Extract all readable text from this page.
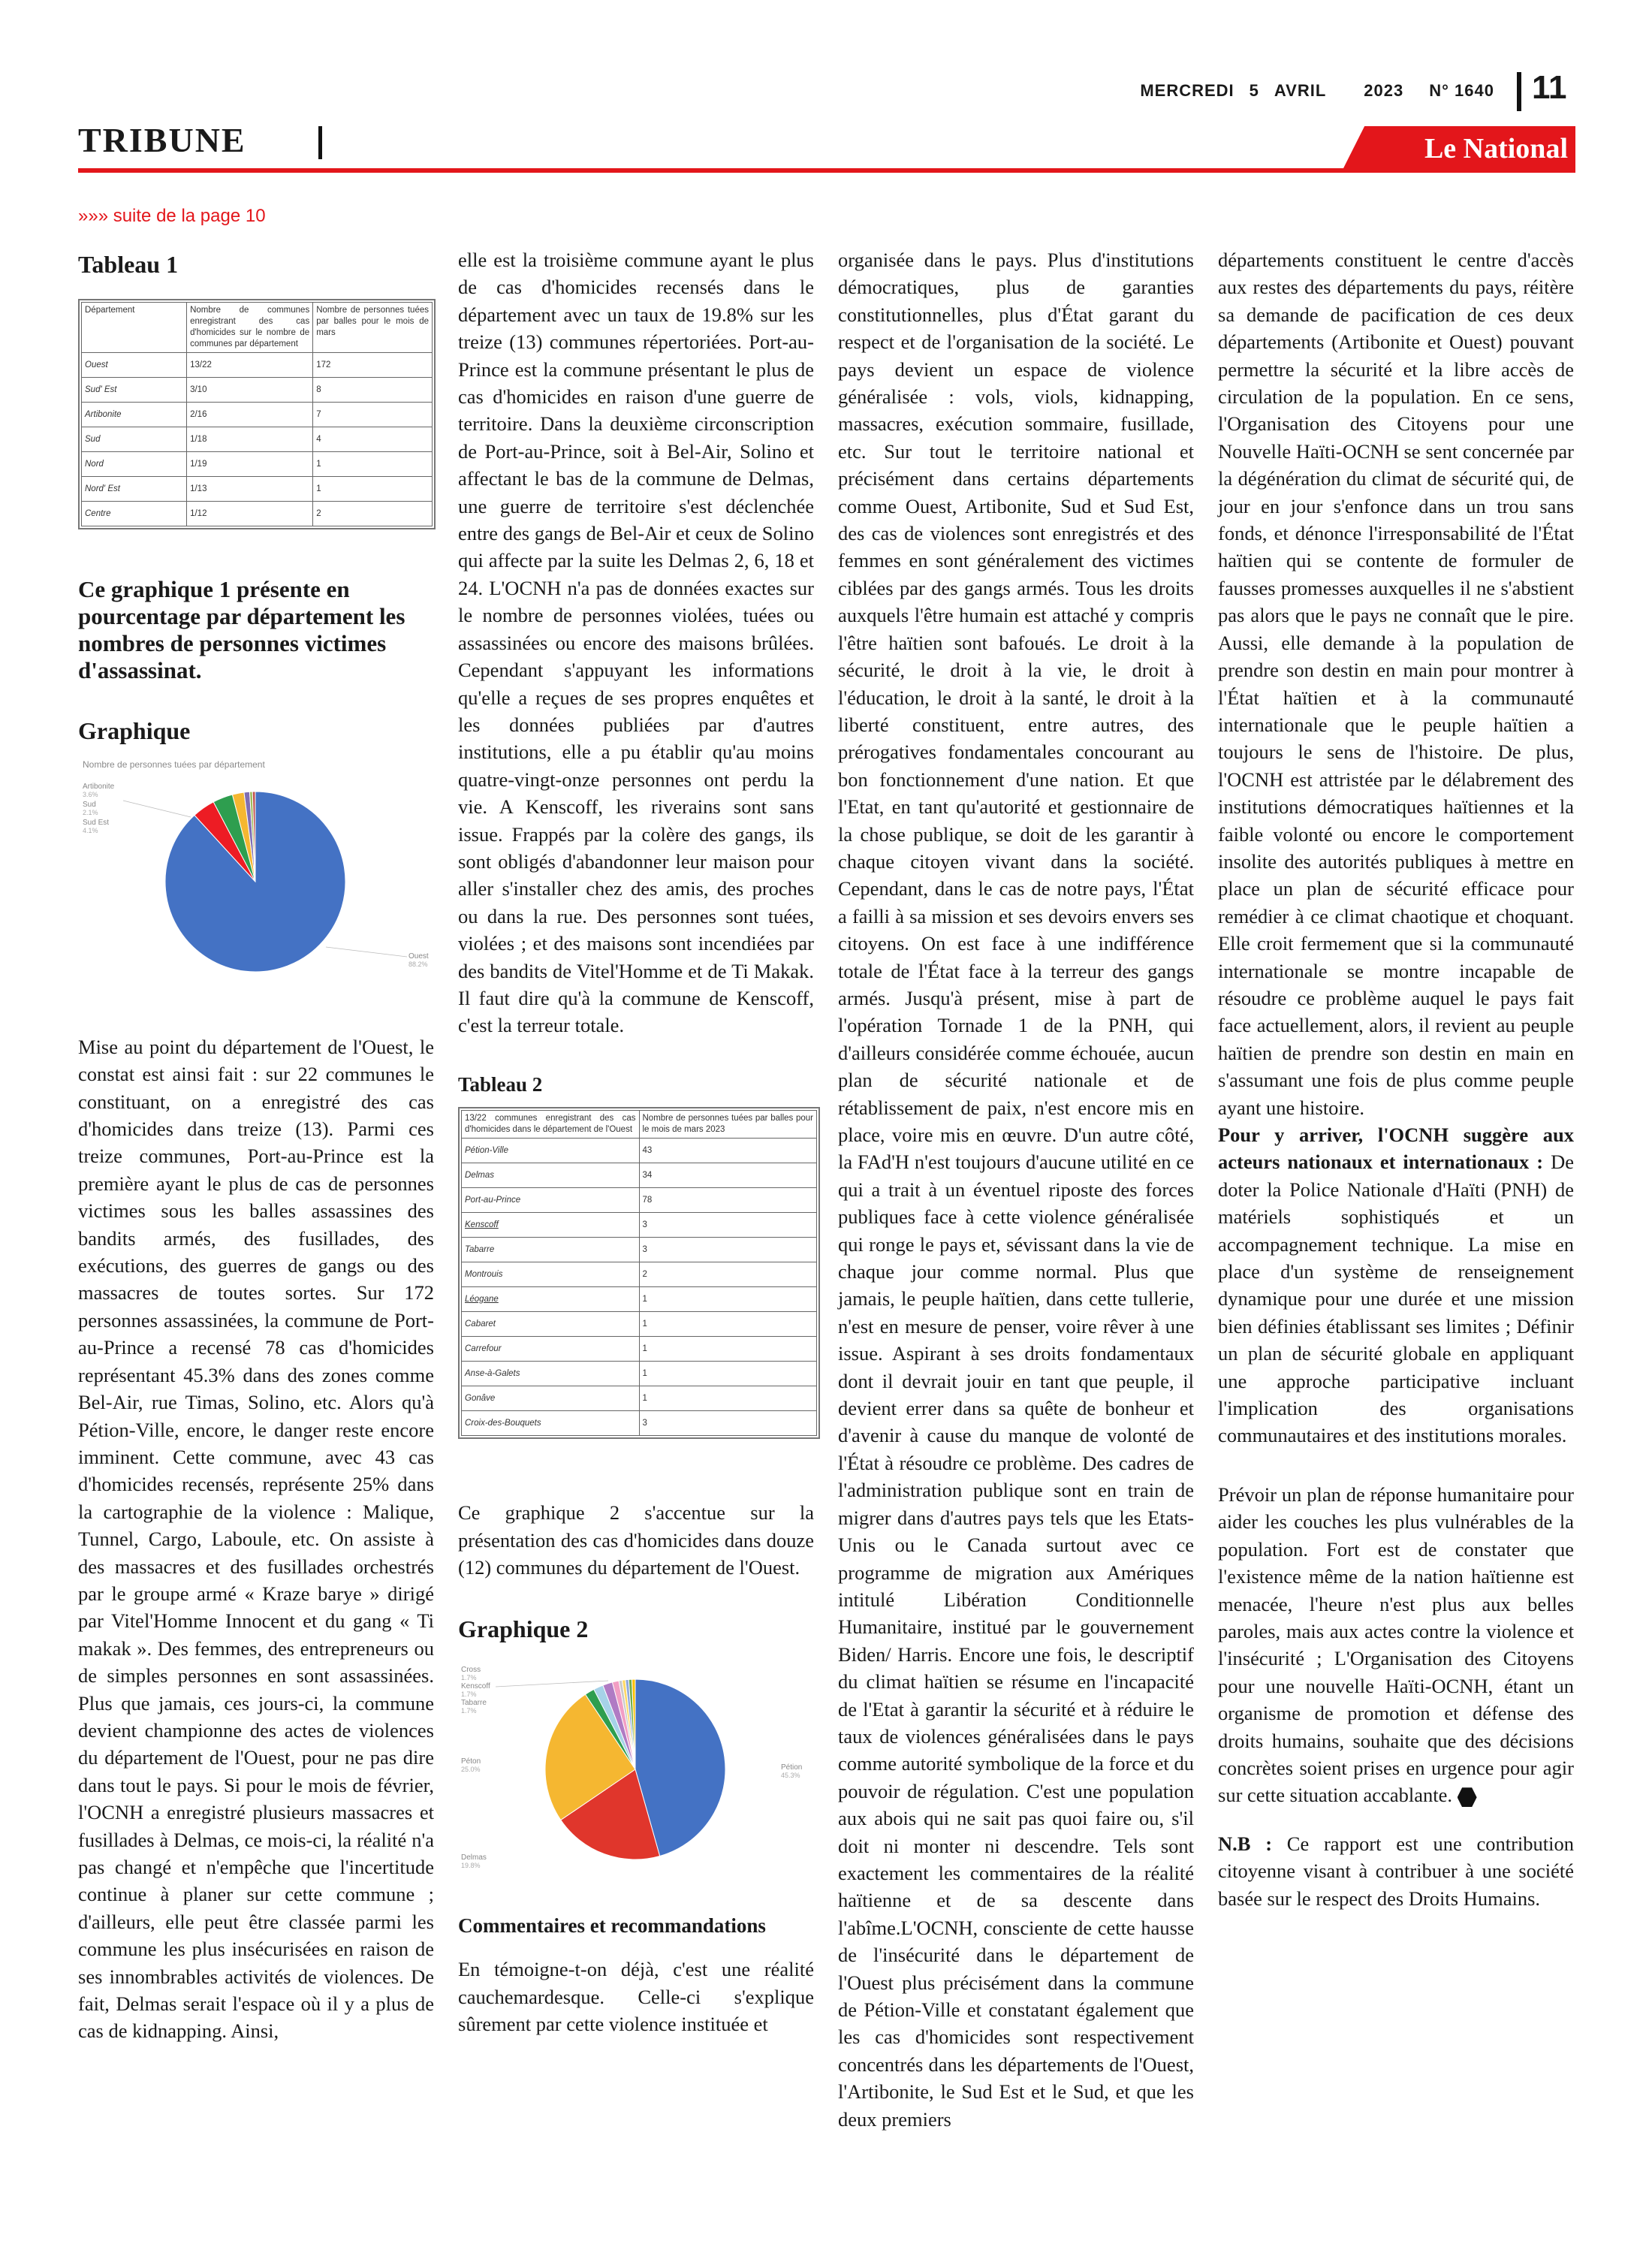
MERCREDI 5 AVRIL 2023 N° 1640 11
TRIBUNE	Le National
»»» suite de la page 10

Tableau 1

Département	Nombre de communes enregistrant des cas d'homicides sur le nombre de communes par département	Nombre de personnes tuées par balles pour le mois de mars
Ouest	13/22	172
Sud' Est	3/10	8
Artibonite	2/16	7
Sud	1/18	4
Nord	1/19	1
Nord' Est	1/13	1
Centre	1/12	2

Ce graphique 1 présente en pourcentage par département les nombres de personnes victimes d'assassinat.

Graphique

Nombre de personnes tuées par département
Artibonite
3.6%
Sud
2.1%
Sud Est
4.1%
Ouest
88.2%

Mise au point du département de l'Ouest, le constat est ainsi fait : sur 22 communes le constituant, on a enregistré des cas d'homicides dans treize (13). Parmi ces treize communes, Port-au-Prince est la première ayant le plus de cas de personnes victimes sous les balles assassines des bandits armés, des fusillades, des exécutions, des guerres de gangs ou des massacres de toutes sortes. Sur 172 personnes assassinées, la commune de Port-au-Prince a recensé 78 cas d'homicides représentant 45.3% dans des zones comme Bel-Air, rue Timas, Solino, etc. Alors qu'à Pétion-Ville, encore, le danger reste encore imminent. Cette commune, avec 43 cas d'homicides recensés, représente 25% dans la cartographie de la violence : Malique, Tunnel, Cargo, Laboule, etc. On assiste à des massacres et des fusillades orchestrés par le groupe armé « Kraze barye » dirigé par Vitel'Homme Innocent et du gang « Ti makak ». Des femmes, des entrepreneurs ou de simples personnes en sont assassinées. Plus que jamais, ces jours-ci, la commune devient championne des actes de violences du département de l'Ouest, pour ne pas dire dans tout le pays. Si pour le mois de février, l'OCNH a enregistré plusieurs massacres et fusillades à Delmas, ce mois-ci, la réalité n'a pas changé et n'empêche que l'incertitude continue à planer sur cette commune ; d'ailleurs, elle peut être classée parmi les commune les plus insécurisées en raison de ses innombrables activités de violences. De fait, Delmas serait l'espace où il y a plus de cas de kidnapping. Ainsi,

elle est la troisième commune ayant le plus de cas d'homicides recensés dans le département avec un taux de 19.8% sur les treize (13) communes répertoriées. Port-au-Prince est la commune présentant le plus de cas d'homicides en raison d'une guerre de territoire. Dans la deuxième circonscription de Port-au-Prince, soit à Bel-Air, Solino et affectant le bas de la commune de Delmas, une guerre de territoire s'est déclenchée entre des gangs de Bel-Air et ceux de Solino qui affecte par la suite les Delmas 2, 6, 18 et 24. L'OCNH n'a pas de données exactes sur le nombre de personnes violées, tuées ou assassinées ou encore des maisons brûlées. Cependant s'appuyant les informations qu'elle a reçues de ses propres enquêtes et les données publiées par d'autres institutions, elle a pu établir qu'au moins quatre-vingt-onze personnes ont perdu la vie. A Kenscoff, les riverains sont sans issue. Frappés par la colère des gangs, ils sont obligés d'abandonner leur maison pour aller s'installer chez des amis, des proches ou dans la rue. Des personnes sont tuées, violées ; et des maisons sont incendiées par des bandits de Vitel'Homme et de Ti Makak. Il faut dire qu'à la commune de Kenscoff, c'est la terreur totale.

Tableau 2

13/22 communes enregistrant des cas d'homicides dans le département de l'Ouest	Nombre de personnes tuées par balles pour le mois de mars 2023
Pétion-Ville	43
Delmas	34
Port-au-Prince	78
Kenscoff	3
Tabarre	3
Montrouis	2
Léogane	1
Cabaret	1
Carrefour	1
Anse-à-Galets	1
Gonâve	1
Croix-des-Bouquets	3

Ce graphique 2 s'accentue sur la présentation des cas d'homicides dans douze (12) communes du département de l'Ouest.

Graphique 2

Cross
1.7%
Kenscoff
1.7%
Tabarre
1.7%
Péton
25.0%
Delmas
19.8%
Pétion
45.3%

Commentaires et recommandations

En témoigne-t-on déjà, c'est une réalité cauchemardesque. Celle-ci s'explique sûrement par cette violence instituée et

organisée dans le pays. Plus d'institutions démocratiques, plus de garanties constitutionnelles, plus d'État garant du respect et de l'organisation de la société. Le pays devient un espace de violence généralisée : vols, viols, kidnapping, massacres, exécution sommaire, fusillade, etc. Sur tout le territoire national et précisément dans certains départements comme Ouest, Artibonite, Sud et Sud Est, des cas de violences sont enregistrés et des femmes en sont généralement des victimes ciblées par des gangs armés. Tous les droits auxquels l'être humain est attaché y compris l'être haïtien sont bafoués. Le droit à la sécurité, le droit à la vie, le droit à l'éducation, le droit à la santé, le droit à la liberté constituent, entre autres, des prérogatives fondamentales concourant au bon fonctionnement d'une nation. Et que l'Etat, en tant qu'autorité et gestionnaire de la chose publique, se doit de les garantir à chaque citoyen vivant dans la société. Cependant, dans le cas de notre pays, l'État a failli à sa mission et ses devoirs envers ses citoyens. On est face à une indifférence totale de l'État face à la terreur des gangs armés. Jusqu'à présent, mise à part de l'opération Tornade 1 de la PNH, qui d'ailleurs considérée comme échouée, aucun plan de sécurité nationale et de rétablissement de paix, n'est encore mis en place, voire mis en œuvre. D'un autre côté, la FAd'H n'est toujours d'aucune utilité en ce qui a trait à un éventuel riposte des forces publiques face à cette violence généralisée qui ronge le pays et, sévissant dans la vie de chaque jour comme normal. Plus que jamais, le peuple haïtien, dans cette tullerie, n'est en mesure de penser, voire rêver à une issue. Aspirant à ses droits fondamentaux dont il devrait jouir en tant que peuple, il devient errer dans sa quête de bonheur et d'avenir à cause du manque de volonté de l'État à résoudre ce problème. Des cadres de l'administration publique sont en train de migrer dans d'autres pays tels que les Etats-Unis ou le Canada surtout avec ce programme de migration aux Amériques intitulé Libération Conditionnelle Humanitaire, institué par le gouvernement Biden/ Harris. Encore une fois, le descriptif du climat haïtien se résume en l'incapacité de l'Etat à garantir la sécurité et à réduire le taux de violences généralisées dans le pays comme autorité symbolique de la force et du pouvoir de régulation. C'est une population aux abois qui ne sait pas quoi faire ou, s'il doit ni monter ni descendre. Tels sont exactement les commentaires de la réalité haïtienne et de sa descente dans l'abîme.L'OCNH, consciente de cette hausse de l'insécurité dans le département de l'Ouest plus précisément dans la commune de Pétion-Ville et constatant également que les cas d'homicides sont respectivement concentrés dans les départements de l'Ouest, l'Artibonite, le Sud Est et le Sud, et que les deux premiers

départements constituent le centre d'accès aux restes des départements du pays, réitère sa demande de pacification de ces deux départements (Artibonite et Ouest) pouvant permettre la sécurité et la libre accès de circulation de la population. En ce sens, l'Organisation des Citoyens pour une Nouvelle Haïti-OCNH se sent concernée par la dégénération du climat de sécurité qui, de jour en jour s'enfonce dans un trou sans fonds, et dénonce l'irresponsabilité de l'État haïtien qui se contente de formuler de fausses promesses auxquelles il ne s'abstient pas alors que le pays ne connaît que le pire. Aussi, elle demande à la population de prendre son destin en main pour montrer à l'État haïtien et à la communauté internationale que le peuple haïtien a toujours le sens de l'histoire. De plus, l'OCNH est attristée par le délabrement des institutions démocratiques haïtiennes et la faible volonté ou encore le comportement insolite des autorités publiques à mettre en place un plan de sécurité efficace pour remédier à ce climat chaotique et choquant. Elle croit fermement que si la communauté internationale se montre incapable de résoudre ce problème auquel le pays fait face actuellement, alors, il revient au peuple haïtien de prendre son destin en main en s'assumant une fois de plus comme peuple ayant une histoire.

Pour y arriver, l'OCNH suggère aux acteurs nationaux et internationaux : De doter la Police Nationale d'Haïti (PNH) de matériels sophistiqués et un accompagnement technique. La mise en place d'un système de renseignement dynamique pour une durée et une mission bien définies établissant ses limites ; Définir un plan de sécurité globale en appliquant une approche participative incluant l'implication des organisations communautaires et des institutions morales.

Prévoir un plan de réponse humanitaire pour aider les couches les plus vulnérables de la population. Fort est de constater que l'existence même de la nation haïtienne est menacée, l'heure n'est plus aux belles paroles, mais aux actes contre la violence et l'insécurité ; L'Organisation des Citoyens pour une nouvelle Haïti-OCNH, étant un organisme de promotion et défense des droits humains, souhaite que des décisions concrètes soient prises en urgence pour agir sur cette situation accablante.

N.B : Ce rapport est une contribution citoyenne visant à contribuer à une société basée sur le respect des Droits Humains.
